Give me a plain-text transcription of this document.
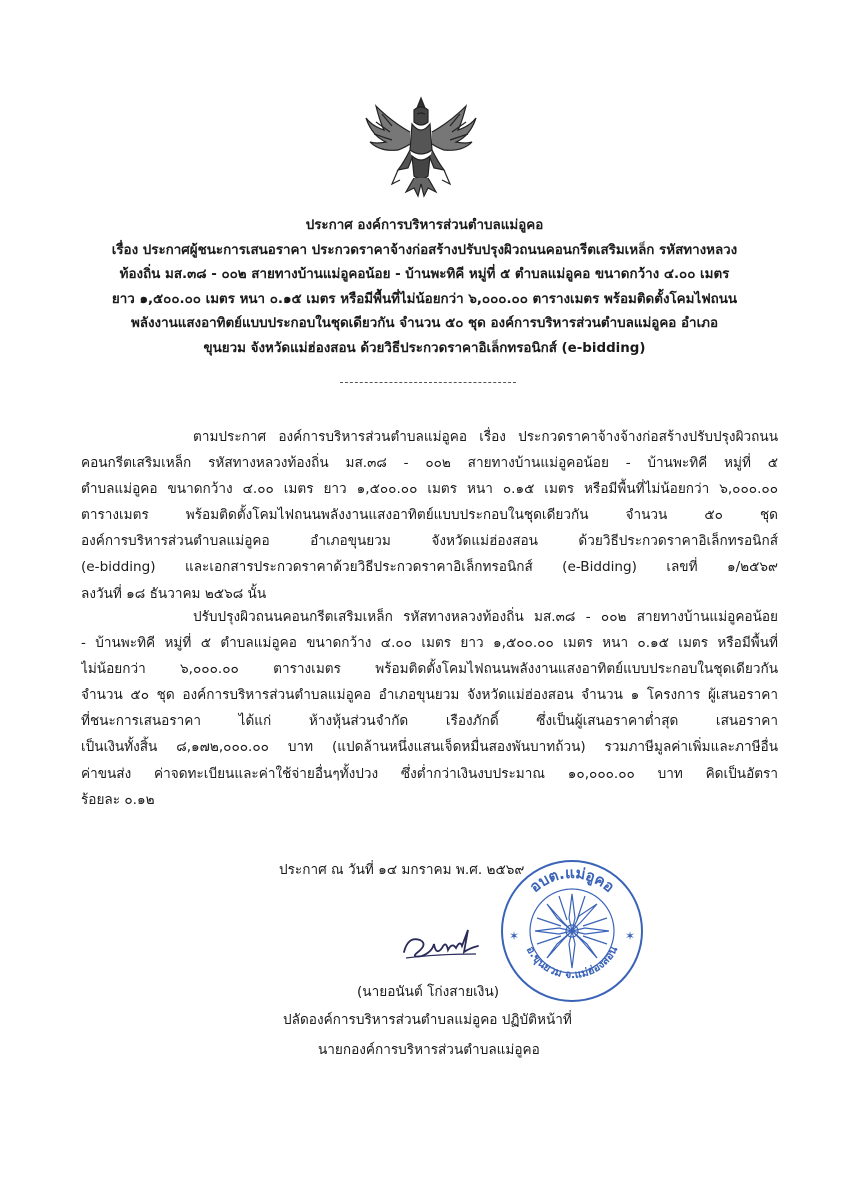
ประกาศ องค์การบริหารส่วนตำบลแม่อูคอ
เรื่อง ประกาศผู้ชนะการเสนอราคา ประกวดราคาจ้างก่อสร้างปรับปรุงผิวถนนคอนกรีตเสริมเหล็ก รหัสทางหลวง
ท้องถิ่น มส.๓๘ - ๐๐๒ สายทางบ้านแม่อูคอน้อย - บ้านพะทิคี หมู่ที่ ๕ ตำบลแม่อูคอ ขนาดกว้าง ๔.๐๐ เมตร
ยาว ๑,๕๐๐.๐๐ เมตร หนา ๐.๑๕ เมตร หรือมีพื้นที่ไม่น้อยกว่า ๖,๐๐๐.๐๐ ตารางเมตร พร้อมติดตั้งโคมไฟถนน
พลังงานแสงอาทิตย์แบบประกอบในชุดเดียวกัน จำนวน ๕๐ ชุด องค์การบริหารส่วนตำบลแม่อูคอ อำเภอ
ขุนยวม จังหวัดแม่ฮ่องสอน ด้วยวิธีประกวดราคาอิเล็กทรอนิกส์ (e-bidding)
ตามประกาศ องค์การบริหารส่วนตำบลแม่อูคอ เรื่อง ประกวดราคาจ้างจ้างก่อสร้างปรับปรุงผิวถนน
คอนกรีตเสริมเหล็ก รหัสทางหลวงท้องถิ่น มส.๓๘ - ๐๐๒ สายทางบ้านแม่อูคอน้อย - บ้านพะทิคี หมู่ที่ ๕
ตำบลแม่อูคอ ขนาดกว้าง ๔.๐๐ เมตร ยาว ๑,๕๐๐.๐๐ เมตร หนา ๐.๑๕ เมตร หรือมีพื้นที่ไม่น้อยกว่า ๖,๐๐๐.๐๐
ตารางเมตร พร้อมติดตั้งโคมไฟถนนพลังงานแสงอาทิตย์แบบประกอบในชุดเดียวกัน จำนวน ๕๐ ชุด
องค์การบริหารส่วนตำบลแม่อูคอ อำเภอขุนยวม จังหวัดแม่ฮ่องสอน ด้วยวิธีประกวดราคาอิเล็กทรอนิกส์
(e-bidding) และเอกสารประกวดราคาด้วยวิธีประกวดราคาอิเล็กทรอนิกส์ (e-Bidding) เลขที่ ๑/๒๕๖๙
ลงวันที่ ๑๘ ธันวาคม ๒๕๖๘ นั้น
ปรับปรุงผิวถนนคอนกรีตเสริมเหล็ก รหัสทางหลวงท้องถิ่น มส.๓๘ - ๐๐๒ สายทางบ้านแม่อูคอน้อย
- บ้านพะทิคี หมู่ที่ ๕ ตำบลแม่อูคอ ขนาดกว้าง ๔.๐๐ เมตร ยาว ๑,๕๐๐.๐๐ เมตร หนา ๐.๑๕ เมตร หรือมีพื้นที่
ไม่น้อยกว่า ๖,๐๐๐.๐๐ ตารางเมตร พร้อมติดตั้งโคมไฟถนนพลังงานแสงอาทิตย์แบบประกอบในชุดเดียวกัน
จำนวน ๕๐ ชุด องค์การบริหารส่วนตำบลแม่อูคอ อำเภอขุนยวม จังหวัดแม่ฮ่องสอน จำนวน ๑ โครงการ ผู้เสนอราคา
ที่ชนะการเสนอราคา ได้แก่ ห้างหุ้นส่วนจำกัด เรืองภักดิ์ ซึ่งเป็นผู้เสนอราคาต่ำสุด เสนอราคา
เป็นเงินทั้งสิ้น ๘,๑๗๒,๐๐๐.๐๐ บาท (แปดล้านหนึ่งแสนเจ็ดหมื่นสองพันบาทถ้วน) รวมภาษีมูลค่าเพิ่มและภาษีอื่น
ค่าขนส่ง ค่าจดทะเบียนและค่าใช้จ่ายอื่นๆทั้งปวง ซึ่งต่ำกว่าเงินงบประมาณ ๑๐,๐๐๐.๐๐ บาท คิดเป็นอัตรา
ร้อยละ ๐.๑๒
ประกาศ ณ วันที่ ๑๔ มกราคม พ.ศ. ๒๕๖๙
อบต.แม่อูคอ
อ.ขุนยวม จ.แม่ฮ่องสอน
✶	✶
(นายอนันต์ โก่งสายเงิน)
ปลัดองค์การบริหารส่วนตำบลแม่อูคอ ปฏิบัติหน้าที่
นายกองค์การบริหารส่วนตำบลแม่อูคอ
